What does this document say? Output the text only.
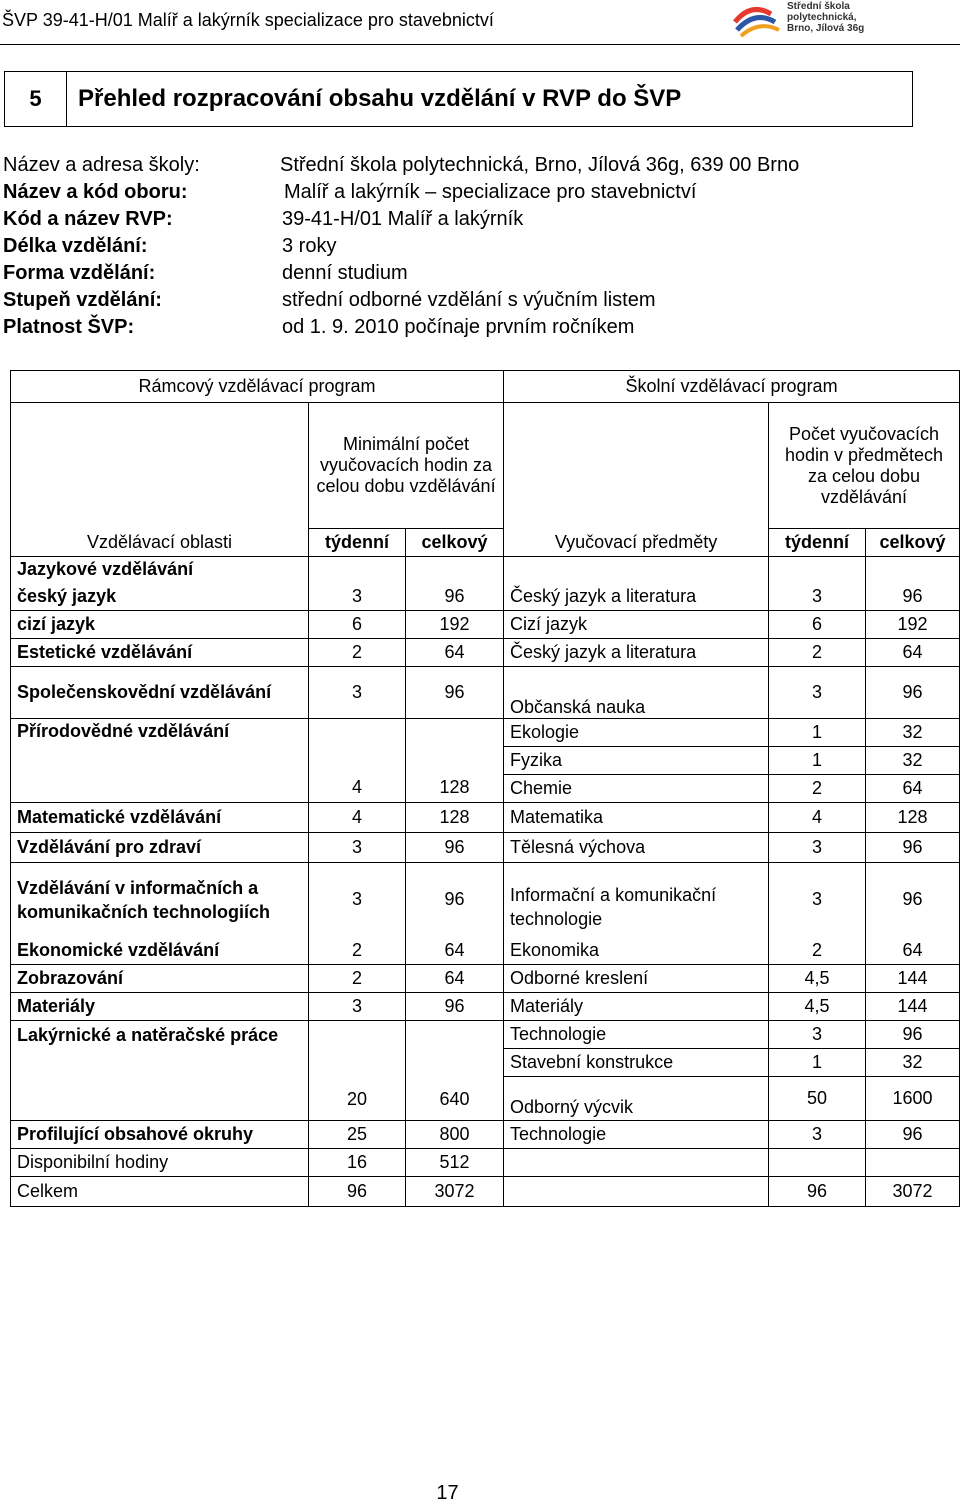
ŠVP 39-41-H/01 Malíř a lakýrník specializace pro stavebnictví
Střední škola
polytechnická,
Brno, Jílová 36g
5	Přehled rozpracování obsahu vzdělání v RVP do ŠVP
Název a adresa školy:	Střední škola polytechnická, Brno, Jílová 36g, 639 00 Brno
Název a kód oboru:	Malíř a lakýrník – specializace pro stavebnictví
Kód a název RVP:	39-41-H/01 Malíř a lakýrník
Délka vzdělání:	3 roky
Forma vzdělání:	denní studium
Stupeň vzdělání:	střední odborné vzdělání s výučním listem
Platnost ŠVP:	od 1. 9. 2010 počínaje prvním ročníkem
Rámcový vzdělávací program			Školní vzdělávací program		
	Minimální počet vyučovacích hodin za celou dobu vzdělávání			Počet vyučovacích hodin v předmětech za celou dobu vzdělávání	
Vzdělávací oblasti	týdenní	celkový	Vyučovací předměty	týdenní	celkový
Jazykové vzdělávání					
český jazyk	3	96	Český jazyk a literatura	3	96
cizí jazyk	6	192	Cizí jazyk	6	192
Estetické vzdělávání	2	64	Český jazyk a literatura	2	64
Společenskovědní vzdělávání	3	96	Občanská nauka	3	96
Přírodovědné vzdělávání	4	128	Ekologie	1	32
			Fyzika	1	32
			Chemie	2	64
Matematické vzdělávání	4	128	Matematika	4	128
Vzdělávání pro zdraví	3	96	Tělesná výchova	3	96
Vzdělávání v informačních a komunikačních technologiích	3	96	Informační a komunikační technologie	3	96
Ekonomické vzdělávání	2	64	Ekonomika	2	64
Zobrazování	2	64	Odborné kreslení	4,5	144
Materiály	3	96	Materiály	4,5	144
Lakýrnické a natěračské práce	20	640	Technologie	3	96
			Stavební konstrukce	1	32
			Odborný výcvik	50	1600
Profilující obsahové okruhy	25	800	Technologie	3	96
Disponibilní hodiny	16	512			
Celkem	96	3072		96	3072
17
